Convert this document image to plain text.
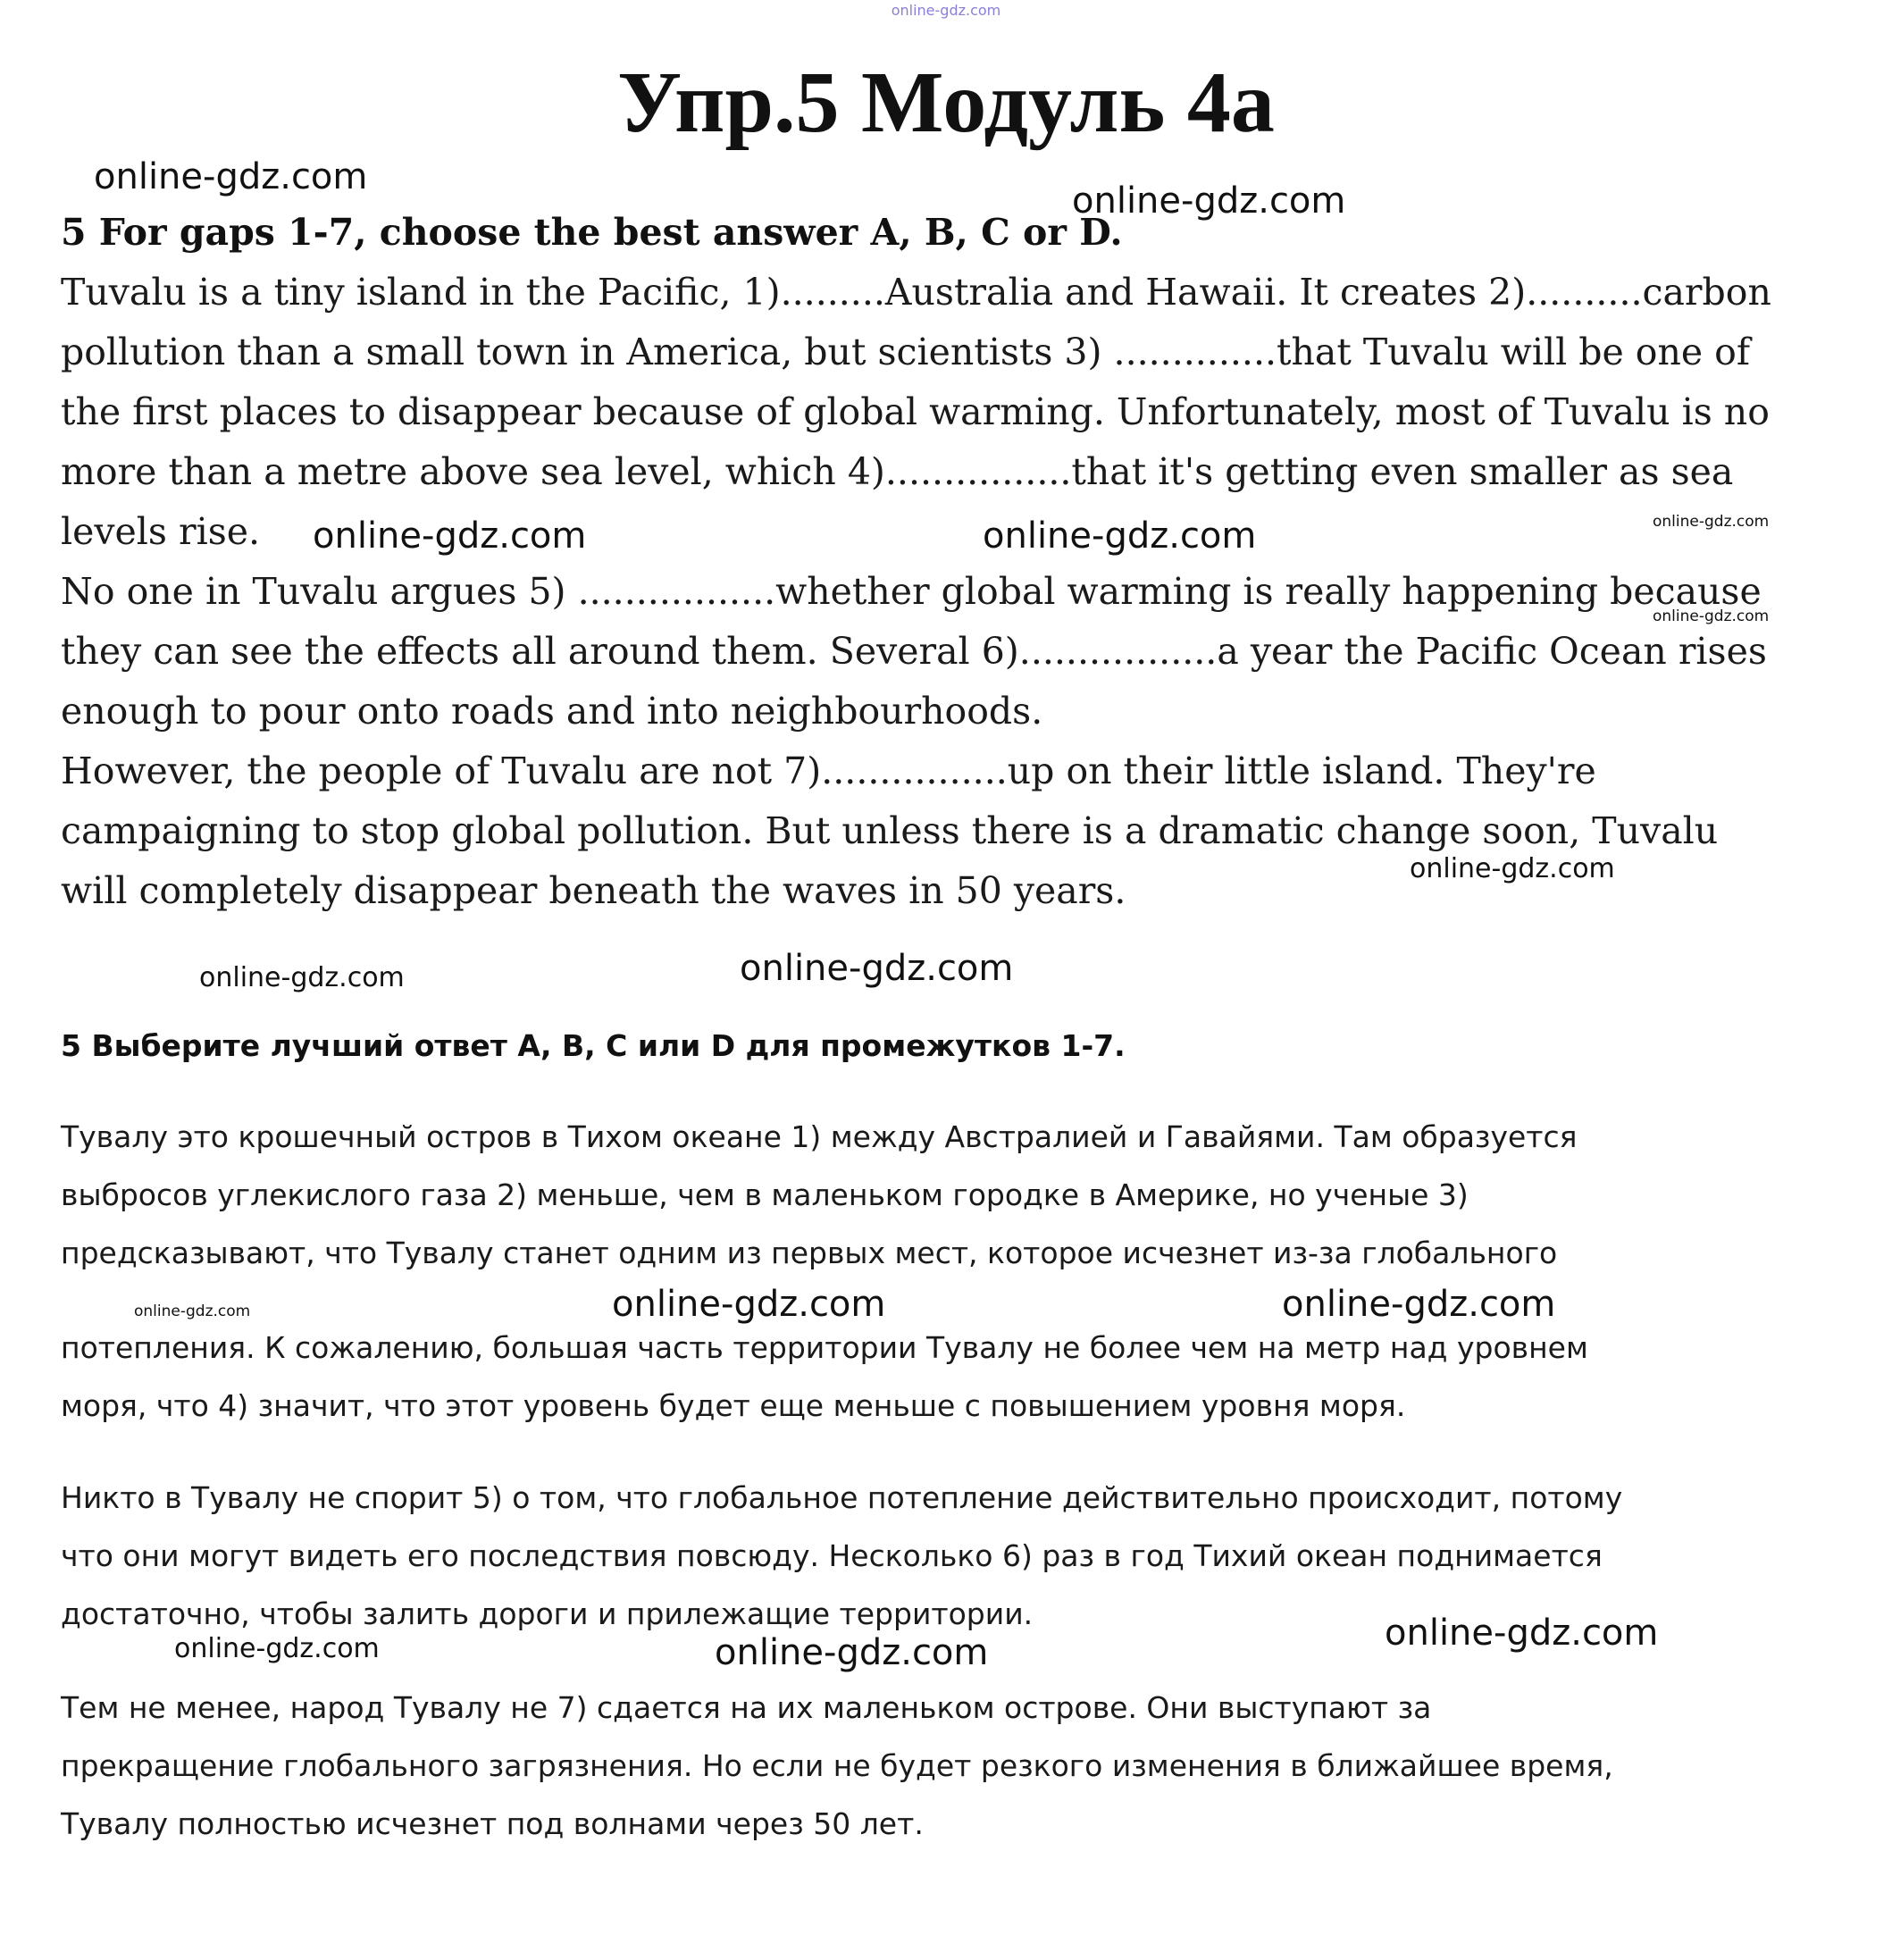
online-gdz.com
Упр.5 Модуль 4а
5 For gaps 1-7, choose the best answer A, B, C or D.
Tuvalu is a tiny island in the Pacific, 1).........Australia and Hawaii. It creates 2)..........carbon
pollution than a small town in America, but scientists 3) ..............that Tuvalu will be one of
the first places to disappear because of global warming. Unfortunately, most of Tuvalu is no
more than a metre above sea level, which 4)................that it's getting even smaller as sea
levels rise.
No one in Tuvalu argues 5) .................whether global warming is really happening because
they can see the effects all around them. Several 6).................a year the Pacific Ocean rises
enough to pour onto roads and into neighbourhoods.
However, the people of Tuvalu are not 7)................up on their little island. They're
campaigning to stop global pollution. But unless there is a dramatic change soon, Tuvalu
will completely disappear beneath the waves in 50 years.
5 Выберите лучший ответ А, В, С или D для промежутков 1-7.
Тувалу это крошечный остров в Тихом океане 1) между Австралией и Гавайями. Там образуется
выбросов углекислого газа 2) меньше, чем в маленьком городке в Америке, но ученые 3)
предсказывают, что Тувалу станет одним из первых мест, которое исчезнет из-за глобального
потепления. К сожалению, большая часть территории Тувалу не более чем на метр над уровнем
моря, что 4) значит, что этот уровень будет еще меньше с повышением уровня моря.
Никто в Тувалу не спорит 5) о том, что глобальное потепление действительно происходит, потому
что они могут видеть его последствия повсюду. Несколько 6) раз в год Тихий океан поднимается
достаточно, чтобы залить дороги и прилежащие территории.
Тем не менее, народ Тувалу не 7) сдается на их маленьком острове. Они выступают за
прекращение глобального загрязнения. Но если не будет резкого изменения в ближайшее время,
Тувалу полностью исчезнет под волнами через 50 лет.
online-gdz.com
online-gdz.com
online-gdz.com	online-gdz.com	online-gdz.com
online-gdz.com
online-gdz.com
online-gdz.com	online-gdz.com
online-gdz.com	online-gdz.com	online-gdz.com
online-gdz.com	online-gdz.com	online-gdz.com
